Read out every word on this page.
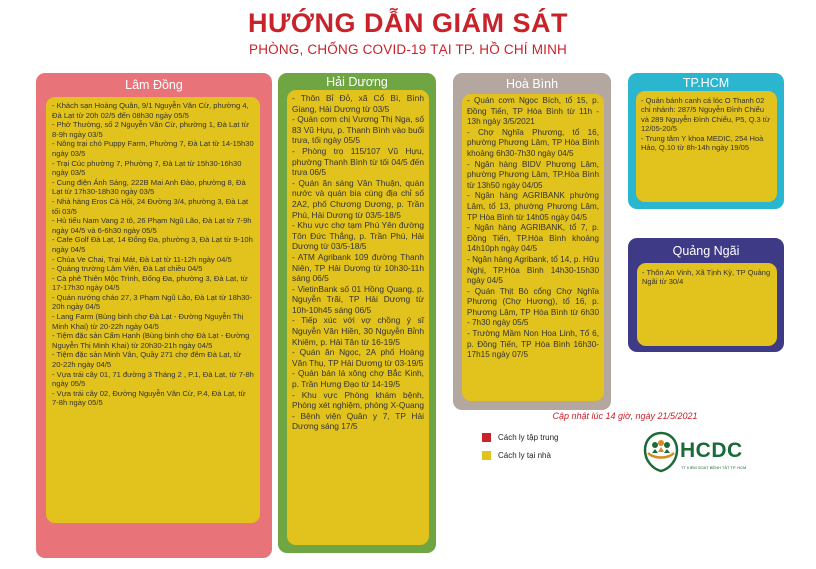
HƯỚNG DẪN GIÁM SÁT
PHÒNG, CHỐNG COVID-19 TẠI TP. HỒ CHÍ MINH
Lâm Đồng
- Khách sạn Hoàng Quân, 9/1 Nguyễn Văn Cừ, phường 4, Đà Lạt từ 20h 02/5 đến 08h30 ngày 05/5
- Phở Thường, số 2 Nguyễn Văn Cừ, phường 1, Đà Lạt từ 8-9h ngày 03/5
- Nông trại chó Puppy Farm, Phường 7, Đà Lạt từ 14-15h30 ngày 03/5
- Trại Cúc phường 7, Phường 7, Đà Lạt từ 15h30-16h30 ngày 03/5
- Cung điện Ánh Sáng, 222B Mai Anh Đào, phường 8, Đà Lạt từ 17h30-18h30 ngày 03/5
- Nhà hàng Eros Cà Hồi, 24 Đường 3/4, phường 3, Đà Lạt tối 03/5
- Hủ tiếu Nam Vang 2 tô, 26 Phạm Ngũ Lão, Đà Lạt từ 7-9h ngày 04/5 và 6-6h30 ngày 05/5
- Cafe Golf Đà Lạt, 14 Đống Đa, phường 3, Đà Lạt từ 9-10h ngày 04/5
- Chùa Ve Chai, Trại Mát, Đà Lạt từ 11-12h ngày 04/5
- Quảng trường Lâm Viên, Đà Lạt chiều 04/5
- Cà phê Thiên Mộc Trình, Đống Đa, phường 3, Đà Lạt, từ 17-17h30 ngày 04/5
- Quán nướng cháo 27, 3 Phạm Ngũ Lão, Đà Lạt từ 18h30-20h ngày 04/5
- Lang Farm (Bùng binh chợ Đà Lạt - Đường Nguyễn Thị Minh Khai) từ 20-22h ngày 04/5
- Tiệm đặc sản Cẩm Hạnh (Bùng binh chợ Đà Lạt - Đường Nguyễn Thị Minh Khai) từ 20h30-21h ngày 04/5
- Tiệm đặc sản Minh Vân, Quầy 271 chợ đêm Đà Lạt, từ 20-22h ngày 04/5
- Vựa trái cây 01, 71 đường 3 Tháng 2 , P.1, Đà Lạt, từ 7-8h ngày 05/5
- Vựa trái cây 02, Đường Nguyễn Văn Cừ, P.4, Đà Lạt, từ 7-8h ngày 05/5
Hải Dương
- Thôn Bỉ Đỏ, xã Cổ Bì, Bình Giang, Hải Dương từ 03/5
- Quán cơm chị Vương Thị Nga, số 83 Vũ Hựu, p. Thanh Bình vào buổi trưa, tối ngày 05/5
- Phòng trọ 115/107 Vũ Hựu, phường Thanh Bình từ tối 04/5 đến trưa 06/5
- Quán ăn sáng Vân Thuận, quán nước và quán bia cùng địa chỉ số 2A2, phố Chương Dương, p. Trần Phú, Hải Dương từ 03/5-18/5
- Khu vực chợ tạm Phú Yên đường Tôn Đức Thắng, p. Trần Phú, Hải Dương từ 03/5-18/5
- ATM Agribank 109 đường Thanh Niên, TP Hải Dương từ 10h30-11h sáng 06/5
- VietinBank số 01 Hồng Quang, p. Nguyễn Trãi, TP Hải Dương từ 10h-10h45 sáng 06/5
- Tiếp xúc với vợ chồng ý sĩ Nguyễn Văn Hiền, 30 Nguyễn Bỉnh Khiêm, p. Hải Tân từ 16-19/5
- Quán ăn Ngọc, 2A phố Hoàng Văn Thụ, TP Hải Dương từ 03-19/5
- Quán bán lá xông chợ Bắc Kinh, p. Trần Hưng Đạo từ 14-19/5
- Khu vực Phòng khám bệnh, Phòng xét nghiệm, phòng X-Quang - Bệnh viện Quân y 7, TP Hải Dương sáng 17/5
Hoà Bình
- Quán cơm Ngọc Bích, tổ 15, p. Đồng Tiến, TP Hòa Bình từ 11h - 13h ngày 3/5/2021
- Chợ Nghĩa Phương, tổ 16, phường Phương Lâm, TP Hòa Bình khoảng 6h30-7h30 ngày 04/5
- Ngân hàng BIDV Phương Lâm, phường Phương Lâm, TP.Hòa Bình từ 13h50 ngày 04/05
- Ngân hàng AGRIBANK phường Lâm, tổ 13, phường Phương Lâm, TP Hòa Bình từ 14h05 ngày 04/5
- Ngân hàng AGRIBANK, tổ 7, p. Đồng Tiến, TP.Hòa Bình khoảng 14h10ph ngày 04/5
- Ngân hàng Agribank, tổ 14, p. Hữu Nghị, TP.Hòa Bình 14h30-15h30 ngày 04/5
- Quán Thịt Bò cổng Chợ Nghĩa Phương (Chợ Hương), tổ 16, p. Phương Lâm, TP Hòa Bình từ 6h30 - 7h30 ngày 05/5
- Trường Mầm Non Hoa Linh, Tổ 6, p. Đồng Tiến, TP Hòa Bình 16h30-17h15 ngày 07/5
TP.HCM
- Quán bánh canh cá lóc O Thanh 02 chi nhánh: 287/5 Nguyễn Đình Chiểu và 289 Nguyễn Đình Chiểu, P5, Q.3 từ 12/05-20/5
- Trung tâm Y khoa MEDIC, 254 Hoà Hảo, Q.10 từ 8h-14h ngày 19/05
Quảng Ngãi
- Thôn An Vinh, Xã Tịnh Kỳ, TP Quảng Ngãi từ 30/4
Cập nhật lúc 14 giờ, ngày 21/5/2021
Cách ly tập trung
Cách ly tại nhà	HCDC
TT KIỂM SOÁT BỆNH TẬT TP. HCM
